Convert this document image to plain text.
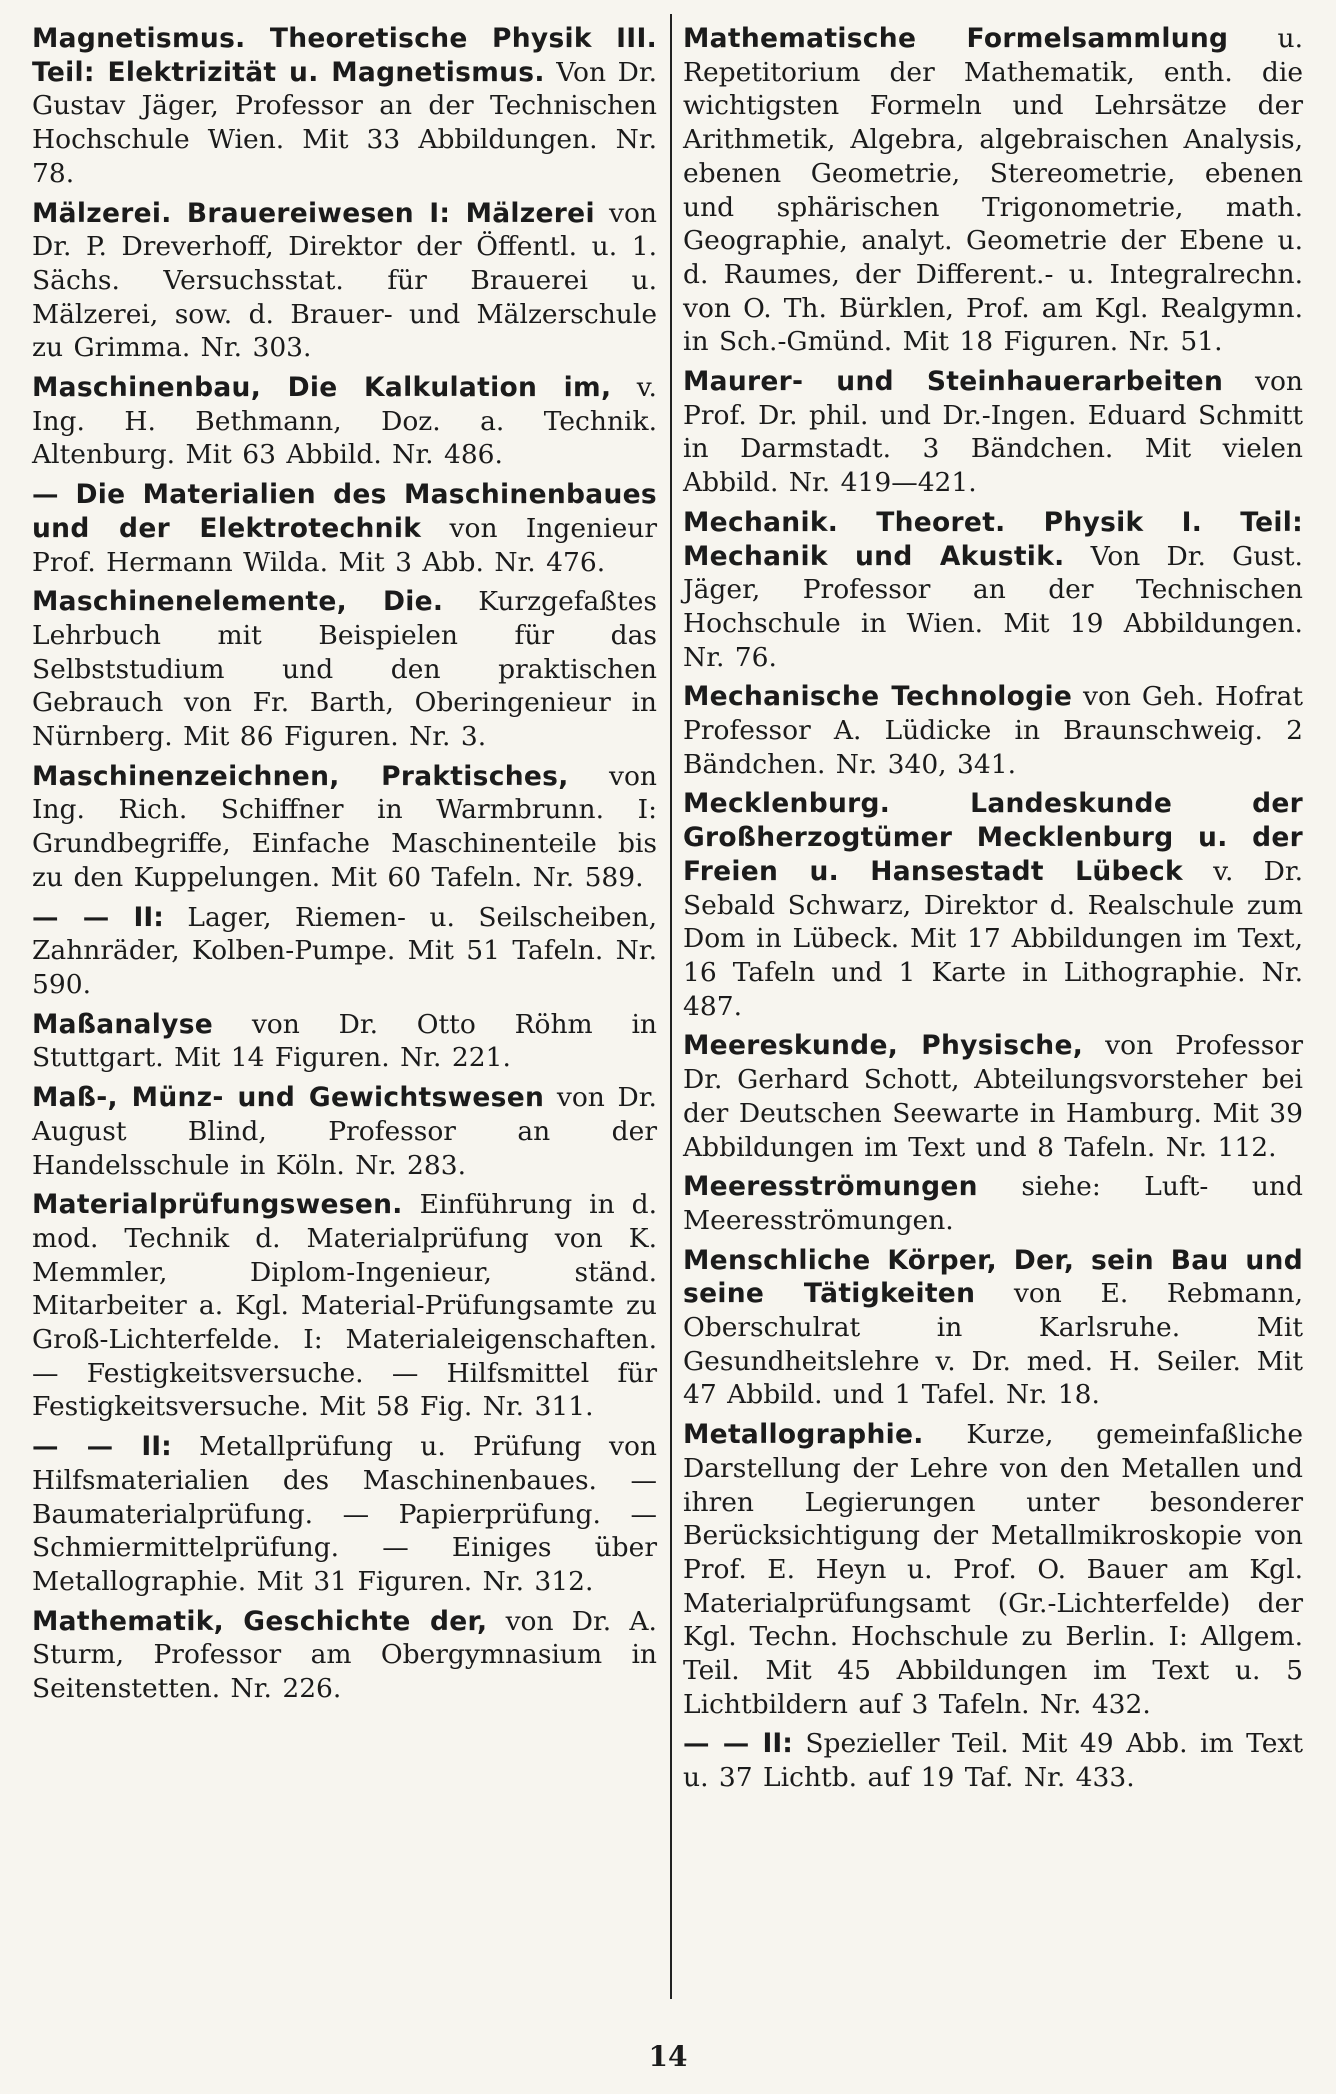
Magnetismus. Theoretische Physik III. Teil: Elektrizität u. Magnetismus. Von Dr. Gustav Jäger, Professor an der Technischen Hochschule Wien. Mit 33 Abbildungen. Nr. 78.

Mälzerei. Brauereiwesen I: Mälzerei von Dr. P. Dreverhoff, Direktor der Öffentl. u. 1. Sächs. Versuchsstat. für Brauerei u. Mälzerei, sow. d. Brauer- und Mälzerschule zu Grimma. Nr. 303.

Maschinenbau, Die Kalkulation im, v. Ing. H. Bethmann, Doz. a. Technik. Altenburg. Mit 63 Abbild. Nr. 486.

— Die Materialien des Maschinenbaues und der Elektrotechnik von Ingenieur Prof. Hermann Wilda. Mit 3 Abb. Nr. 476.

Maschinenelemente, Die. Kurzgefaßtes Lehrbuch mit Beispielen für das Selbststudium und den praktischen Gebrauch von Fr. Barth, Oberingenieur in Nürnberg. Mit 86 Figuren. Nr. 3.

Maschinenzeichnen, Praktisches, von Ing. Rich. Schiffner in Warmbrunn. I: Grundbegriffe, Einfache Maschinenteile bis zu den Kuppelungen. Mit 60 Tafeln. Nr. 589.

— — II: Lager, Riemen- u. Seilscheiben, Zahnräder, Kolben-Pumpe. Mit 51 Tafeln. Nr. 590.

Maßanalyse von Dr. Otto Röhm in Stuttgart. Mit 14 Figuren. Nr. 221.

Maß-, Münz- und Gewichtswesen von Dr. August Blind, Professor an der Handelsschule in Köln. Nr. 283.

Materialprüfungswesen. Einführung in d. mod. Technik d. Materialprüfung von K. Memmler, Diplom-Ingenieur, ständ. Mitarbeiter a. Kgl. Material-Prüfungsamte zu Groß-Lichterfelde. I: Materialeigenschaften. — Festigkeitsversuche. — Hilfsmittel für Festigkeitsversuche. Mit 58 Fig. Nr. 311.

— — II: Metallprüfung u. Prüfung von Hilfsmaterialien des Maschinenbaues. — Baumaterialprüfung. — Papierprüfung. — Schmiermittelprüfung. — Einiges über Metallographie. Mit 31 Figuren. Nr. 312.

Mathematik, Geschichte der, von Dr. A. Sturm, Professor am Obergymnasium in Seitenstetten. Nr. 226.

Mathematische Formelsammlung u. Repetitorium der Mathematik, enth. die wichtigsten Formeln und Lehrsätze der Arithmetik, Algebra, algebraischen Analysis, ebenen Geometrie, Stereometrie, ebenen und sphärischen Trigonometrie, math. Geographie, analyt. Geometrie der Ebene u. d. Raumes, der Different.- u. Integralrechn. von O. Th. Bürklen, Prof. am Kgl. Realgymn. in Sch.-Gmünd. Mit 18 Figuren. Nr. 51.

Maurer- und Steinhauerarbeiten von Prof. Dr. phil. und Dr.-Ingen. Eduard Schmitt in Darmstadt. 3 Bändchen. Mit vielen Abbild. Nr. 419—421.

Mechanik. Theoret. Physik I. Teil: Mechanik und Akustik. Von Dr. Gust. Jäger, Professor an der Technischen Hochschule in Wien. Mit 19 Abbildungen. Nr. 76.

Mechanische Technologie von Geh. Hofrat Professor A. Lüdicke in Braunschweig. 2 Bändchen. Nr. 340, 341.

Mecklenburg. Landeskunde der Großherzogtümer Mecklenburg u. der Freien u. Hansestadt Lübeck v. Dr. Sebald Schwarz, Direktor d. Realschule zum Dom in Lübeck. Mit 17 Abbildungen im Text, 16 Tafeln und 1 Karte in Lithographie. Nr. 487.

Meereskunde, Physische, von Professor Dr. Gerhard Schott, Abteilungsvorsteher bei der Deutschen Seewarte in Hamburg. Mit 39 Abbildungen im Text und 8 Tafeln. Nr. 112.

Meeresströmungen siehe: Luft- und Meeresströmungen.

Menschliche Körper, Der, sein Bau und seine Tätigkeiten von E. Rebmann, Oberschulrat in Karlsruhe. Mit Gesundheitslehre v. Dr. med. H. Seiler. Mit 47 Abbild. und 1 Tafel. Nr. 18.

Metallographie. Kurze, gemeinfaßliche Darstellung der Lehre von den Metallen und ihren Legierungen unter besonderer Berücksichtigung der Metallmikroskopie von Prof. E. Heyn u. Prof. O. Bauer am Kgl. Materialprüfungsamt (Gr.-Lichterfelde) der Kgl. Techn. Hochschule zu Berlin. I: Allgem. Teil. Mit 45 Abbildungen im Text u. 5 Lichtbildern auf 3 Tafeln. Nr. 432.

— — II: Spezieller Teil. Mit 49 Abb. im Text u. 37 Lichtb. auf 19 Taf. Nr. 433.

14
